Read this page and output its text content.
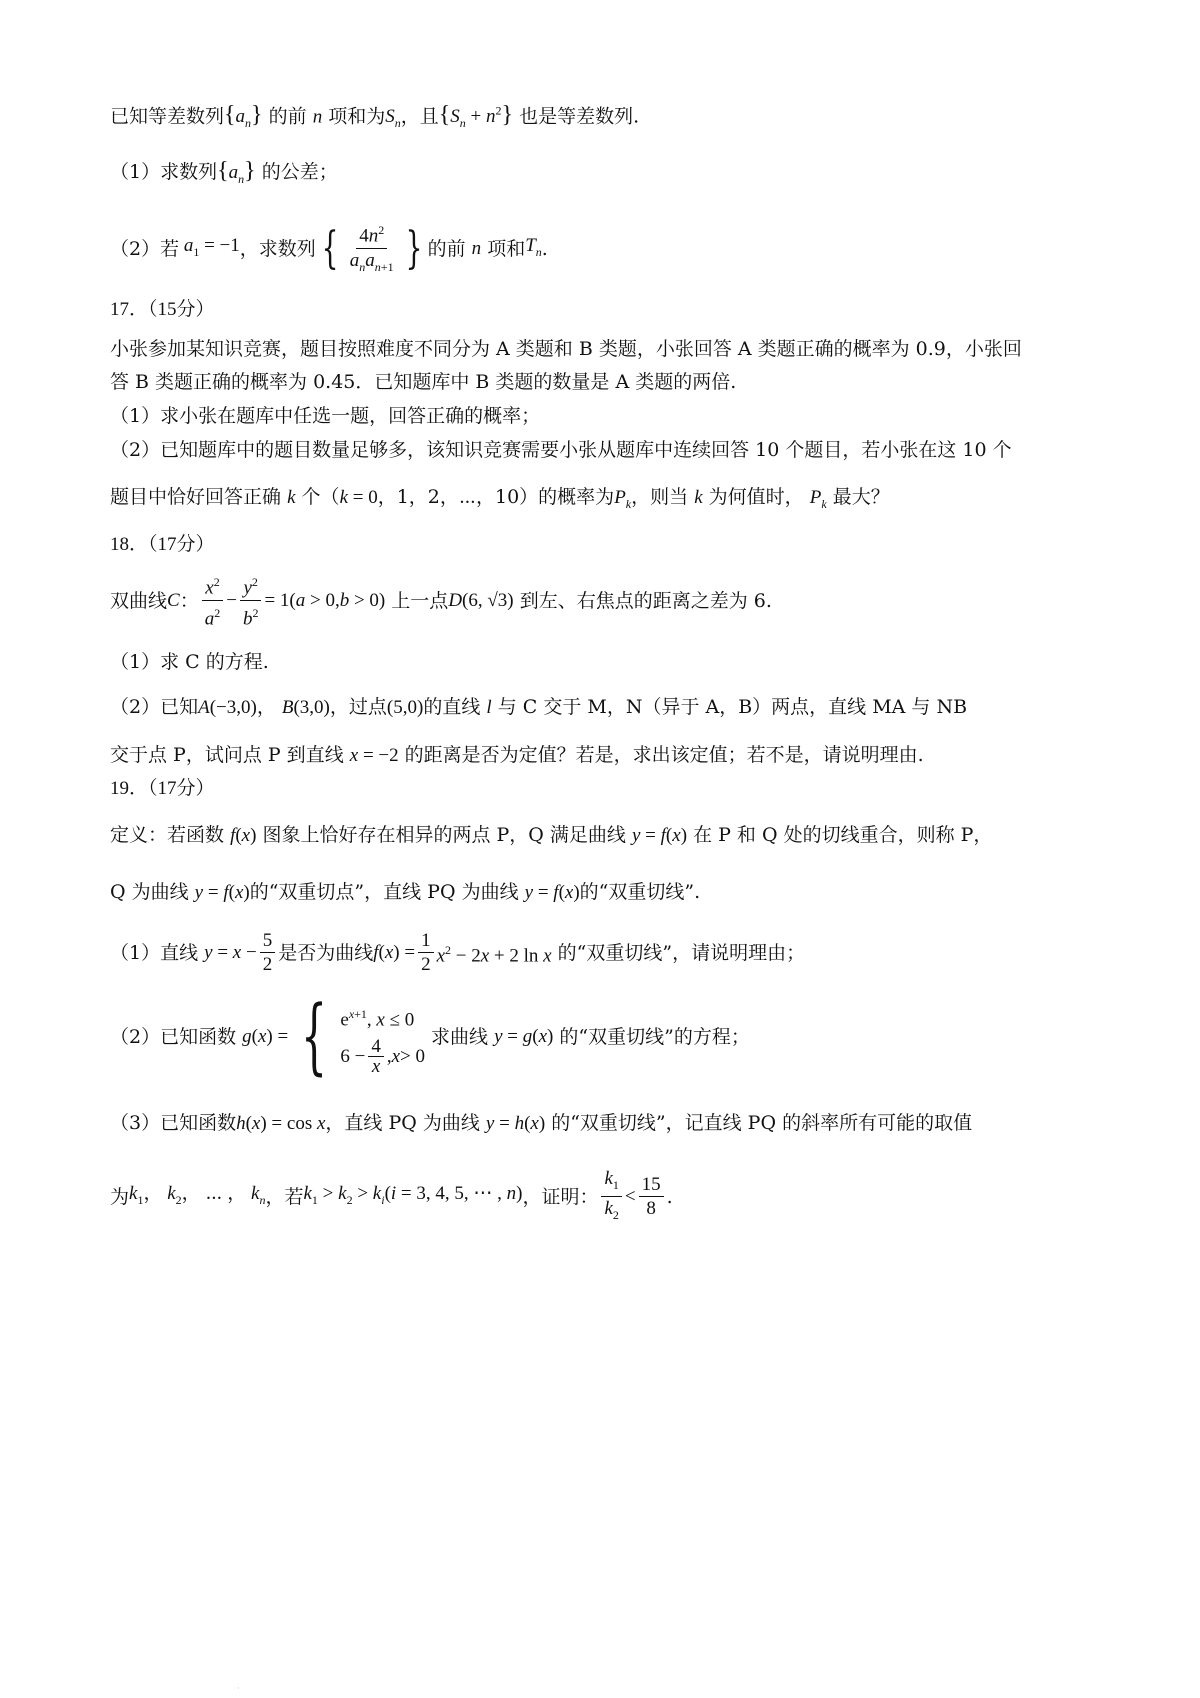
已知等差数列$\{a_n\}$ 的前 n 项和为$S_n$，且$\{S_n + n^2\}$ 也是等差数列.
（1）求数列$\{a_n\}$ 的公差；
（2）若 $a_1 = -1$ ，求数列 { $\frac{4n^2}{a_na_{n+1}}$ } 的前
n
项和 $T_n$ .
17．（15分）
小张参加某知识竞赛，题目按照难度不同分为 A 类题和 B 类题，小张回答 A 类题正确的概率为 0.9，小张回
答 B 类题正确的概率为 0.45．已知题库中 B 类题的数量是 A 类题的两倍.
（1）求小张在题库中任选一题，回答正确的概率；
（2）已知题库中的题目数量足够多，该知识竞赛需要小张从题库中连续回答 10 个题目，若小张在这 10 个
题目中恰好回答正确 k 个（k = 0，1，2，⋯，10）的概率为$P_k$，则当 k 为何值时， $P_k$ 最大？
18．（17分）
双曲线 C ： $\frac{x^2}{a^2} - \frac{y^2}{b^2} = 1(a > 0,b > 0)$
上一点 D(6, √3)
到左、右焦点的距离之差为 6.
（1）求 C 的方程.
（2）已知A(−3,0)， B(3,0)，过点(5,0)的直线 l 与 C 交于 M，N（异于 A，B）两点，直线 MA 与 NB
交于点 P，试问点 P 到直线 x = −2 的距离是否为定值？若是，求出该定值；若不是，请说明理由.
19．（17分）
定义：若函数 f(x) 图象上恰好存在相异的两点 P，Q 满足曲线 y = f(x) 在 P 和 Q 处的切线重合，则称 P，
Q 为曲线 y = f(x)的“双重切点”，直线 PQ 为曲线 y = f(x)的“双重切线”.
（1）直线
$y = x - \frac{5}{2}$ 是否为曲线 $f(x) = \frac{1}{2} x^2 - 2x + 2$ ln x
的“双重切线”，请说明理由；
（2）已知函数
g(x) = { $e^{x+1}$, x ≤ 0
$6 - \frac{4}{x}$ , x > 0

求曲线
y = g(x)
的“双重切线”的方程；
（3）已知函数h(x) = cos x，直线 PQ 为曲线 y = h(x) 的“双重切线”，记直线 PQ 的斜率所有可能的取值
为 $k_1$， $k_2$， ⋯ ， $k_n$ ，若 $k_1 > k_2 > k_i(i = 3$, 4, 5, ⋯ , n) ，证明： $\frac{k_1}{k_2} < \frac{15}{8}$ .
·
